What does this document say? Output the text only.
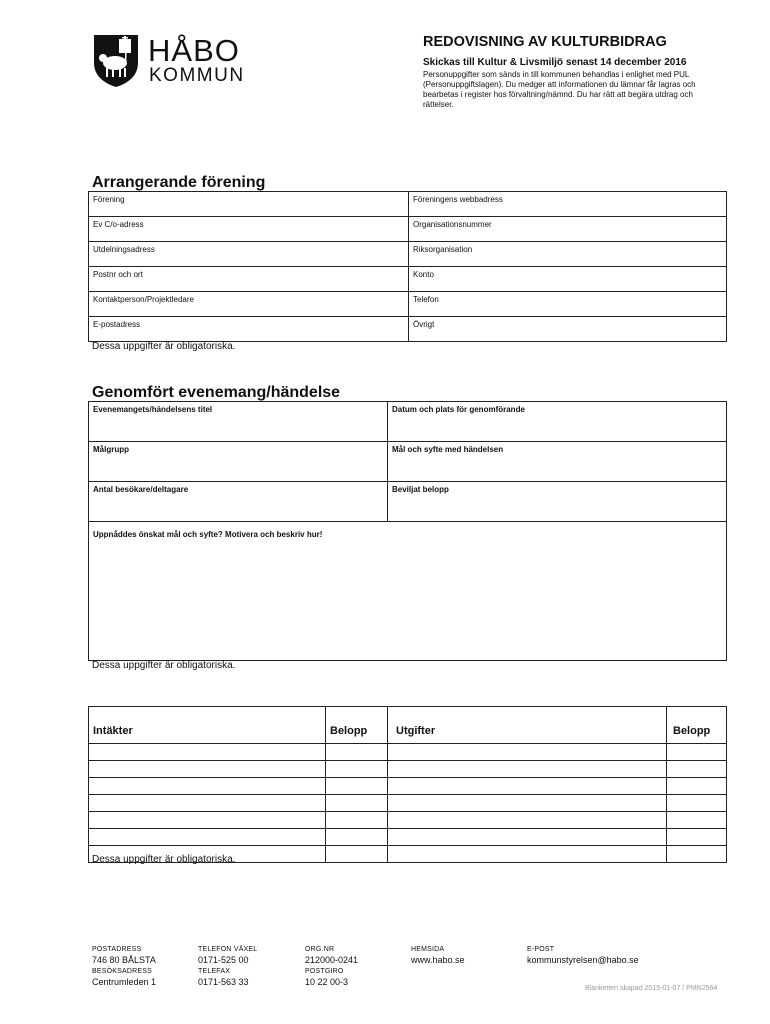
HÅBO
KOMMUN
REDOVISNING AV KULTURBIDRAG
Skickas till Kultur & Livsmiljö senast 14 december 2016
Personuppgifter som sänds in till kommunen behandlas i enlighet med PUL (Personuppgiftslagen). Du medger att informationen du lämnar får lagras och bearbetas i register hos förvaltning/nämnd. Du har rätt att begära utdrag och rättelser.
Arrangerande förening
Förening	Föreningens webbadress

Ev C/o-adress	Organisationsnummer

Utdelningsadress	Riksorganisation

Postnr och ort	Konto

Kontaktperson/Projektledare	Telefon

E-postadress	Övrigt
Dessa uppgifter är obligatoriska.
Genomfört evenemang/händelse
Evenemangets/händelsens titel	Datum och plats för genomförande

Målgrupp	Mål och syfte med händelsen

Antal besökare/deltagare	Beviljat belopp

Uppnåddes önskat mål och syfte? Motivera och beskriv hur!	
Dessa uppgifter är obligatoriska.
Intäkter	Belopp	Utgifter	Belopp

Dessa uppgifter är obligatoriska.
POSTADRESS
746 80 BÅLSTA
BESÖKSADRESS
Centrumleden 1
TELEFON VÄXEL
0171-525 00
TELEFAX
0171-563 33
ORG.NR
212000-0241
POSTGIRO
10 22 00-3
HEMSIDA
www.habo.se
E-POST
kommunstyrelsen@habo.se
Blanketten skapad 2015-01-07 / PMN2564
